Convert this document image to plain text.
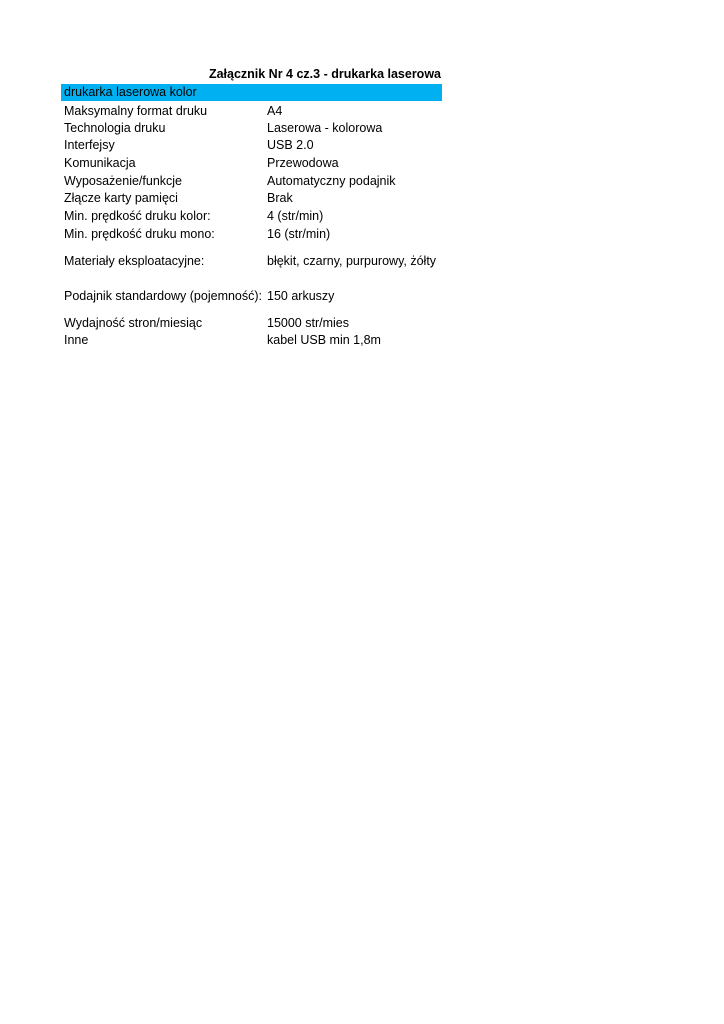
Załącznik Nr 4 cz.3 - drukarka laserowa
drukarka laserowa kolor
Maksymalny format druku	A4
Technologia druku	Laserowa - kolorowa
Interfejsy	USB 2.0
Komunikacja	Przewodowa
Wyposażenie/funkcje	Automatyczny podajnik
Złącze karty pamięci	Brak
Min. prędkość druku kolor:	4 (str/min)
Min. prędkość druku mono:	16 (str/min)
Materiały eksploatacyjne:	błękit, czarny, purpurowy, żółty
Podajnik standardowy (pojemność): 150 arkuszy
Wydajność stron/miesiąc	15000 str/mies
Inne	kabel USB min 1,8m
